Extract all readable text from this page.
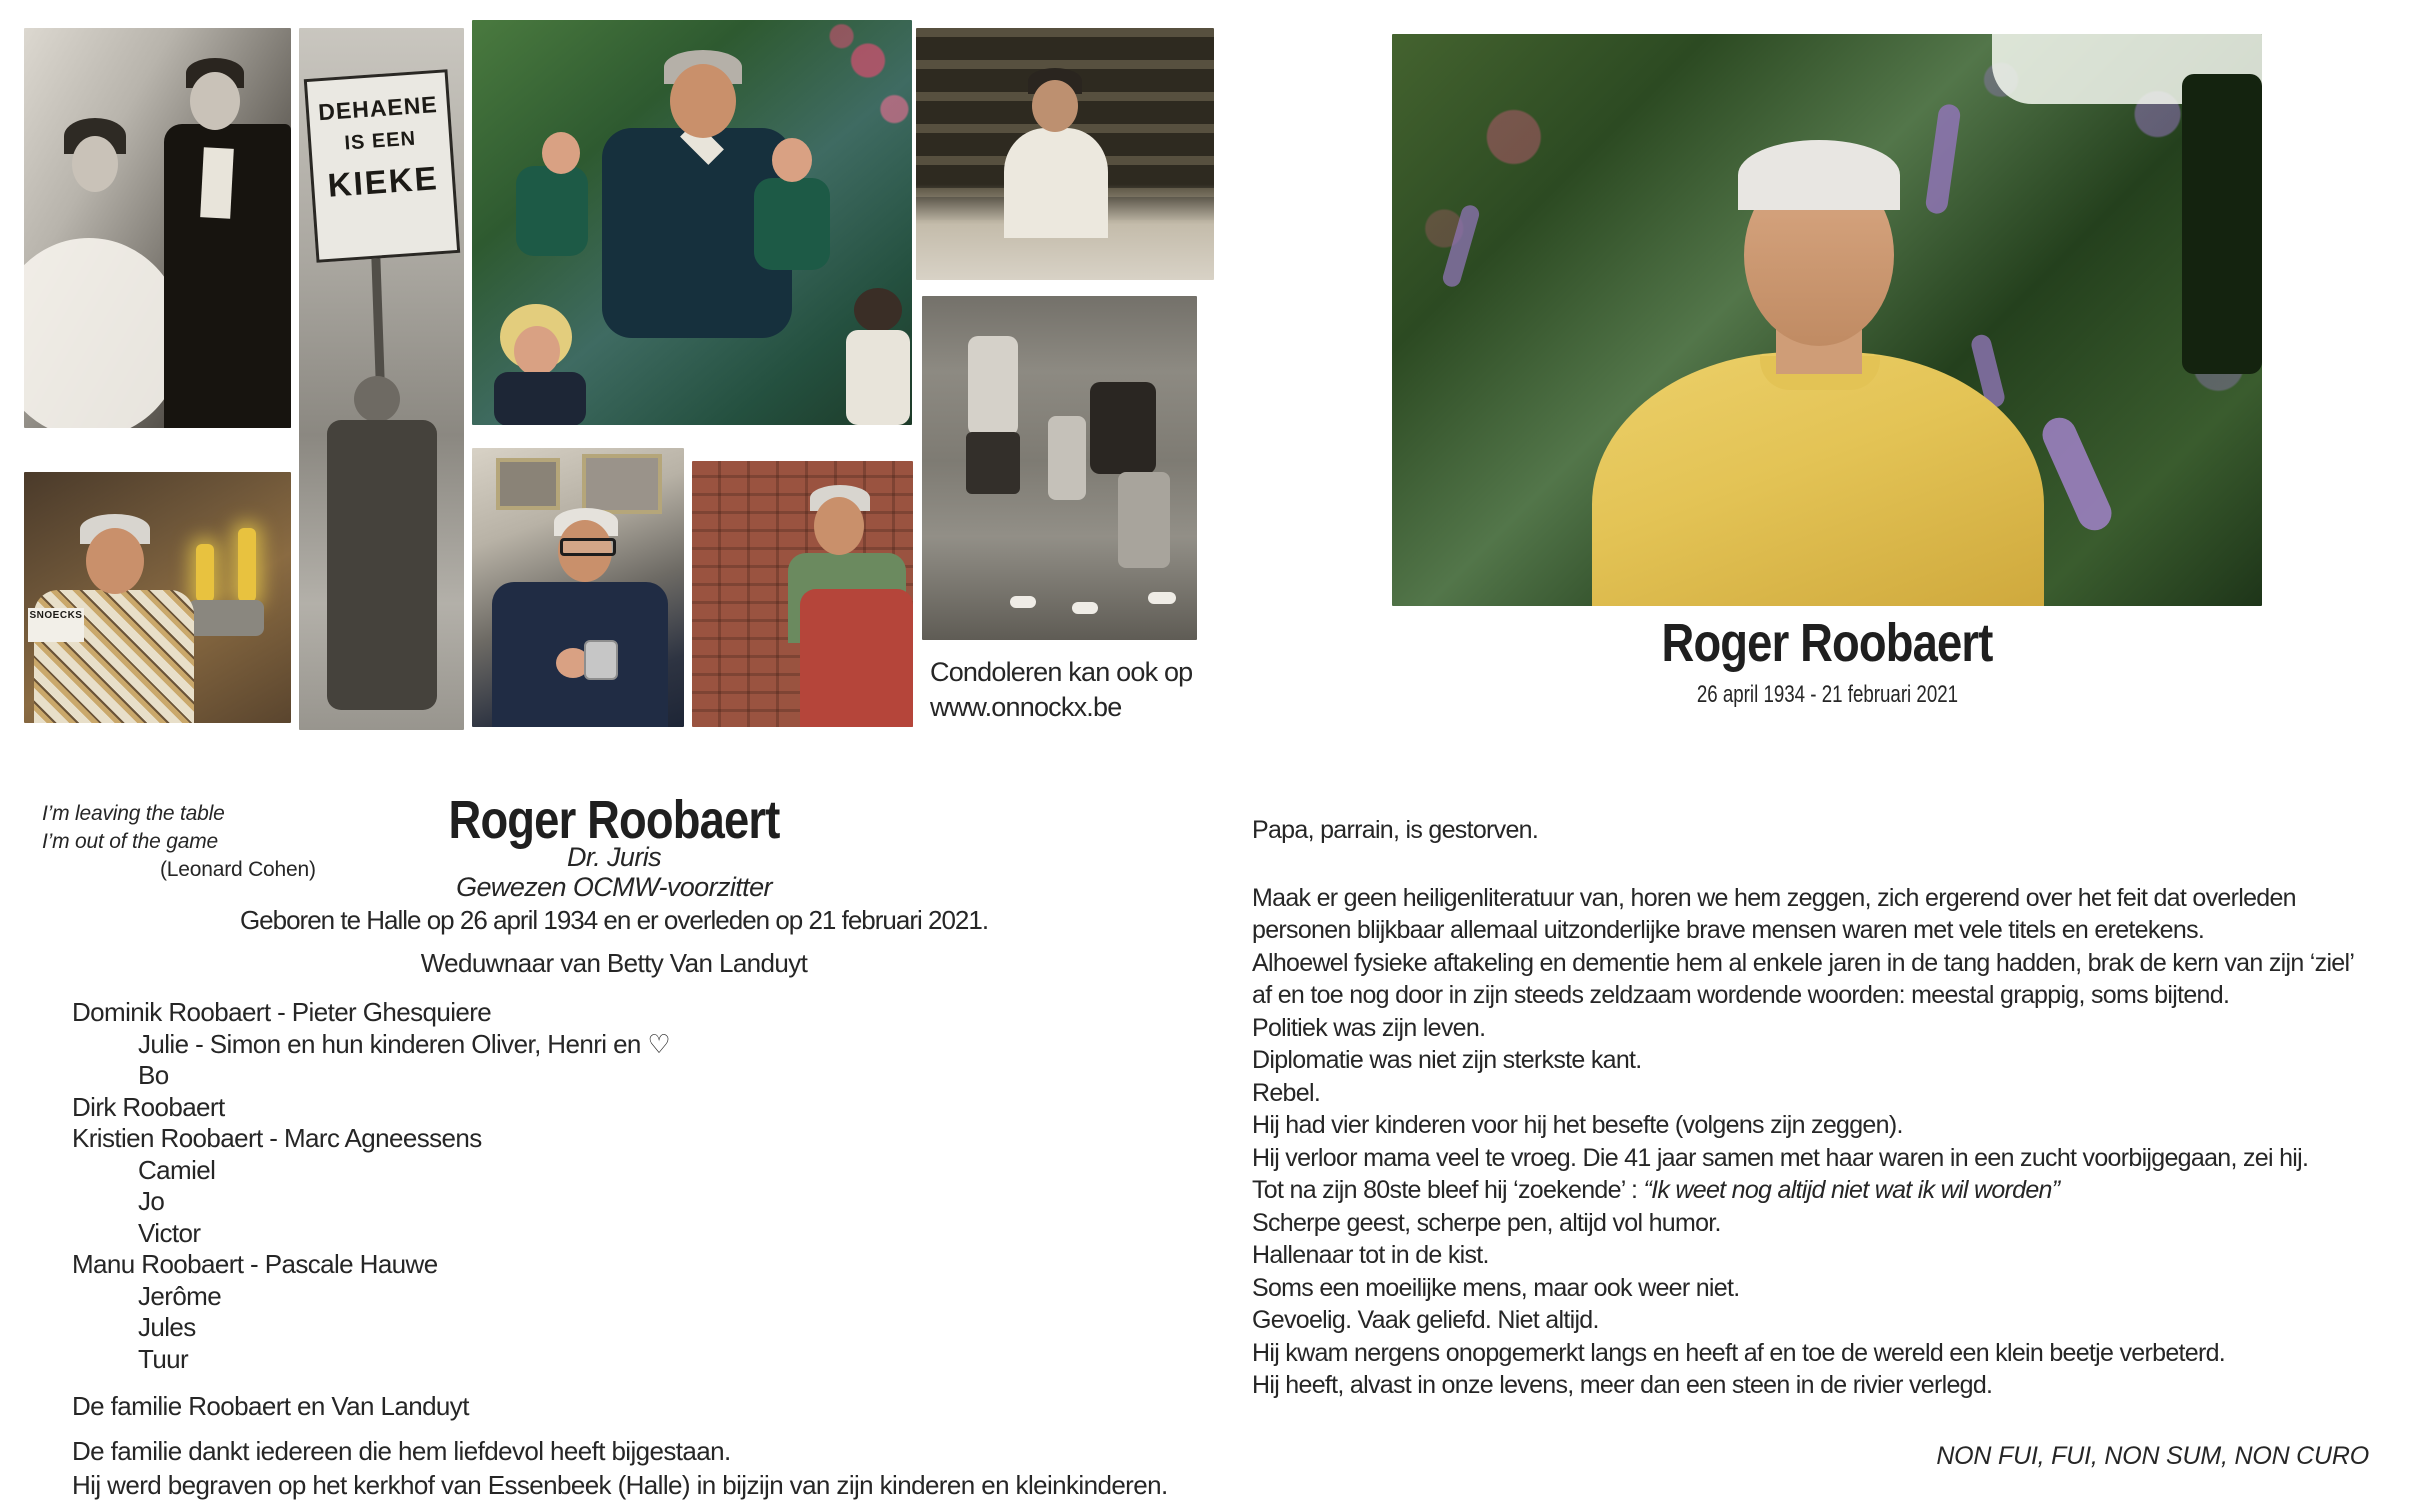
DEHAENE
IS EEN
KIEKE
SNOECKS
Condoleren kan ook op
www.onnockx.be
I’m leaving the table
I’m out of the game
(Leonard Cohen)
Roger Roobaert
Dr. Juris
Gewezen OCMW-voorzitter
Geboren te Halle op 26 april 1934 en er overleden op 21 februari 2021.
Weduwnaar van Betty Van Landuyt
Dominik Roobaert - Pieter Ghesquiere
Julie - Simon en hun kinderen Oliver, Henri en ♡
Bo
Dirk Roobaert
Kristien Roobaert - Marc Agneessens
Camiel
Jo
Victor
Manu Roobaert - Pascale Hauwe
Jerôme
Jules
Tuur
De familie Roobaert en Van Landuyt
De familie dankt iedereen die hem liefdevol heeft bijgestaan.
Hij werd begraven op het kerkhof van Essenbeek (Halle) in bijzijn van zijn kinderen en kleinkinderen.
Roger Roobaert
26 april 1934 - 21 februari 2021
Papa, parrain, is gestorven.

Maak er geen heiligenliteratuur van, horen we hem zeggen, zich ergerend over het feit dat overleden
personen blijkbaar allemaal uitzonderlijke brave mensen waren met vele titels en eretekens.
Alhoewel fysieke aftakeling en dementie hem al enkele jaren in de tang hadden, brak de kern van zijn ‘ziel’
af en toe nog door in zijn steeds zeldzaam wordende woorden: meestal grappig, soms bijtend.
Politiek was zijn leven.
Diplomatie was niet zijn sterkste kant.
Rebel.
Hij had vier kinderen voor hij het besefte (volgens zijn zeggen).
Hij verloor mama veel te vroeg. Die 41 jaar samen met haar waren in een zucht voorbijgegaan, zei hij.
Tot na zijn 80ste bleef hij ‘zoekende’ : “Ik weet nog altijd niet wat ik wil worden”
Scherpe geest, scherpe pen, altijd vol humor.
Hallenaar tot in de kist.
Soms een moeilijke mens, maar ook weer niet.
Gevoelig. Vaak geliefd. Niet altijd.
Hij kwam nergens onopgemerkt langs en heeft af en toe de wereld een klein beetje verbeterd.
Hij heeft, alvast in onze levens, meer dan een steen in de rivier verlegd.
NON FUI, FUI, NON SUM, NON CURO
